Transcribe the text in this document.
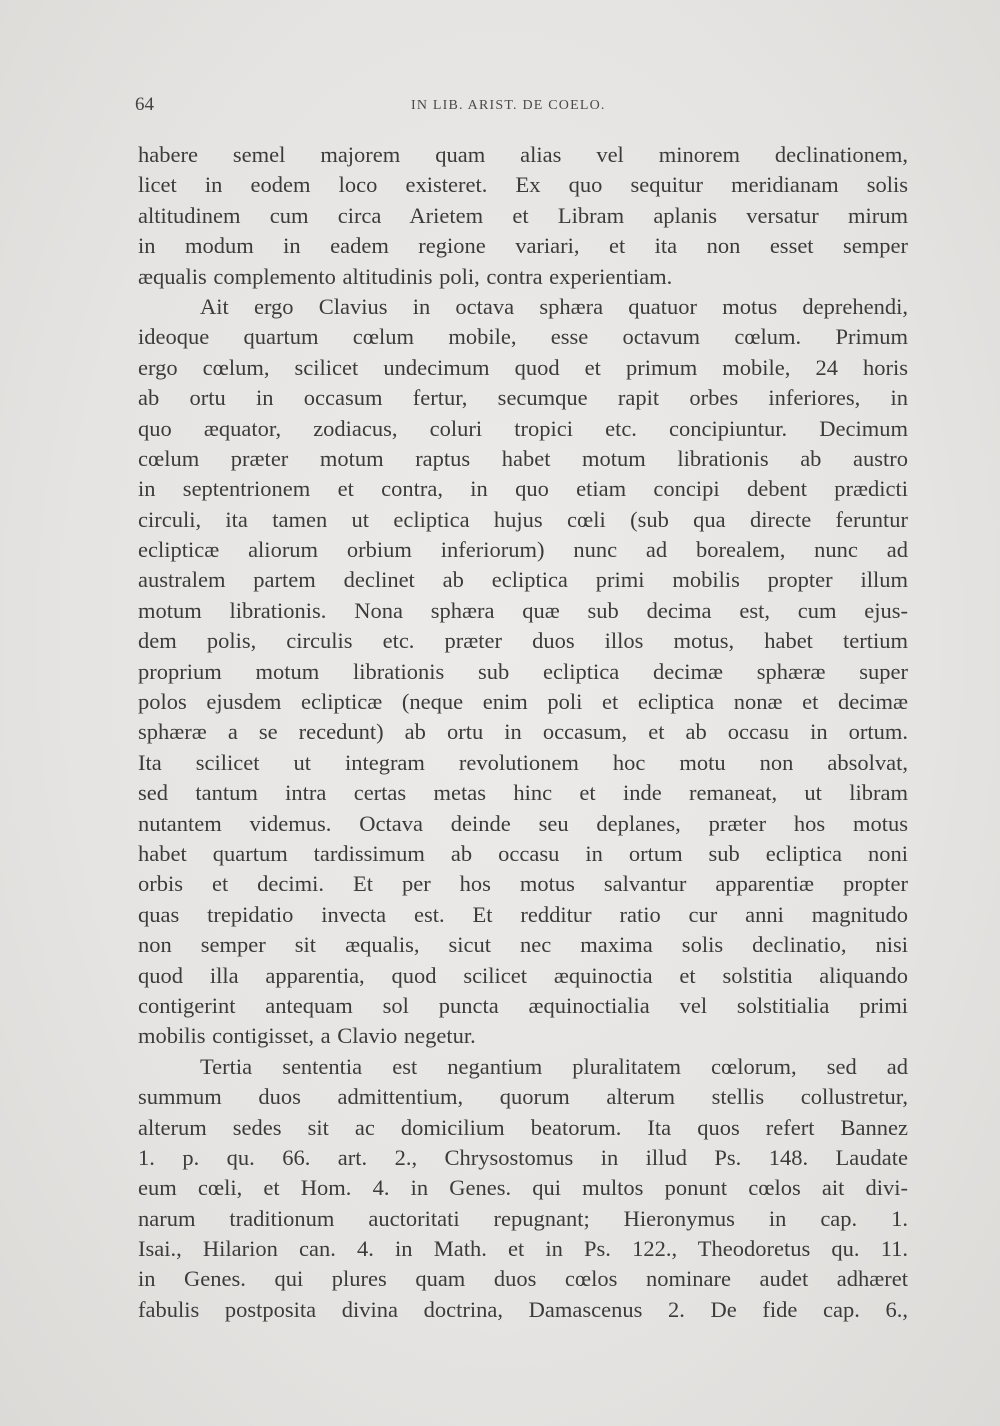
64	IN LIB. ARIST. DE COELO.

habere semel majorem quam alias vel minorem declinationem,
licet in eodem loco existeret. Ex quo sequitur meridianam solis
altitudinem cum circa Arietem et Libram aplanis versatur mirum
in modum in eadem regione variari, et ita non esset semper
æqualis complemento altitudinis poli, contra experientiam.
Ait ergo Clavius in octava sphæra quatuor motus deprehendi,
ideoque quartum cœlum mobile, esse octavum cœlum. Primum
ergo cœlum, scilicet undecimum quod et primum mobile, 24 horis
ab ortu in occasum fertur, secumque rapit orbes inferiores, in
quo æquator, zodiacus, coluri tropici etc. concipiuntur. Decimum
cœlum præter motum raptus habet motum librationis ab austro
in septentrionem et contra, in quo etiam concipi debent prædicti
circuli, ita tamen ut ecliptica hujus cœli (sub qua directe feruntur
eclipticæ aliorum orbium inferiorum) nunc ad borealem, nunc ad
australem partem declinet ab ecliptica primi mobilis propter illum
motum librationis. Nona sphæra quæ sub decima est, cum ejus-
dem polis, circulis etc. præter duos illos motus, habet tertium
proprium motum librationis sub ecliptica decimæ sphæræ super
polos ejusdem eclipticæ (neque enim poli et ecliptica nonæ et decimæ
sphæræ a se recedunt) ab ortu in occasum, et ab occasu in ortum.
Ita scilicet ut integram revolutionem hoc motu non absolvat,
sed tantum intra certas metas hinc et inde remaneat, ut libram
nutantem videmus. Octava deinde seu deplanes, præter hos motus
habet quartum tardissimum ab occasu in ortum sub ecliptica noni
orbis et decimi. Et per hos motus salvantur apparentiæ propter
quas trepidatio invecta est. Et redditur ratio cur anni magnitudo
non semper sit æqualis, sicut nec maxima solis declinatio, nisi
quod illa apparentia, quod scilicet æquinoctia et solstitia aliquando
contigerint antequam sol puncta æquinoctialia vel solstitialia primi
mobilis contigisset, a Clavio negetur.
Tertia sententia est negantium pluralitatem cœlorum, sed ad
summum duos admittentium, quorum alterum stellis collustretur,
alterum sedes sit ac domicilium beatorum. Ita quos refert Bannez
1. p. qu. 66. art. 2., Chrysostomus in illud Ps. 148. Laudate
eum cœli, et Hom. 4. in Genes. qui multos ponunt cœlos ait divi-
narum traditionum auctoritati repugnant; Hieronymus in cap. 1.
Isai., Hilarion can. 4. in Math. et in Ps. 122., Theodoretus qu. 11.
in Genes. qui plures quam duos cœlos nominare audet adhæret
fabulis postposita divina doctrina, Damascenus 2. De fide cap. 6.,
